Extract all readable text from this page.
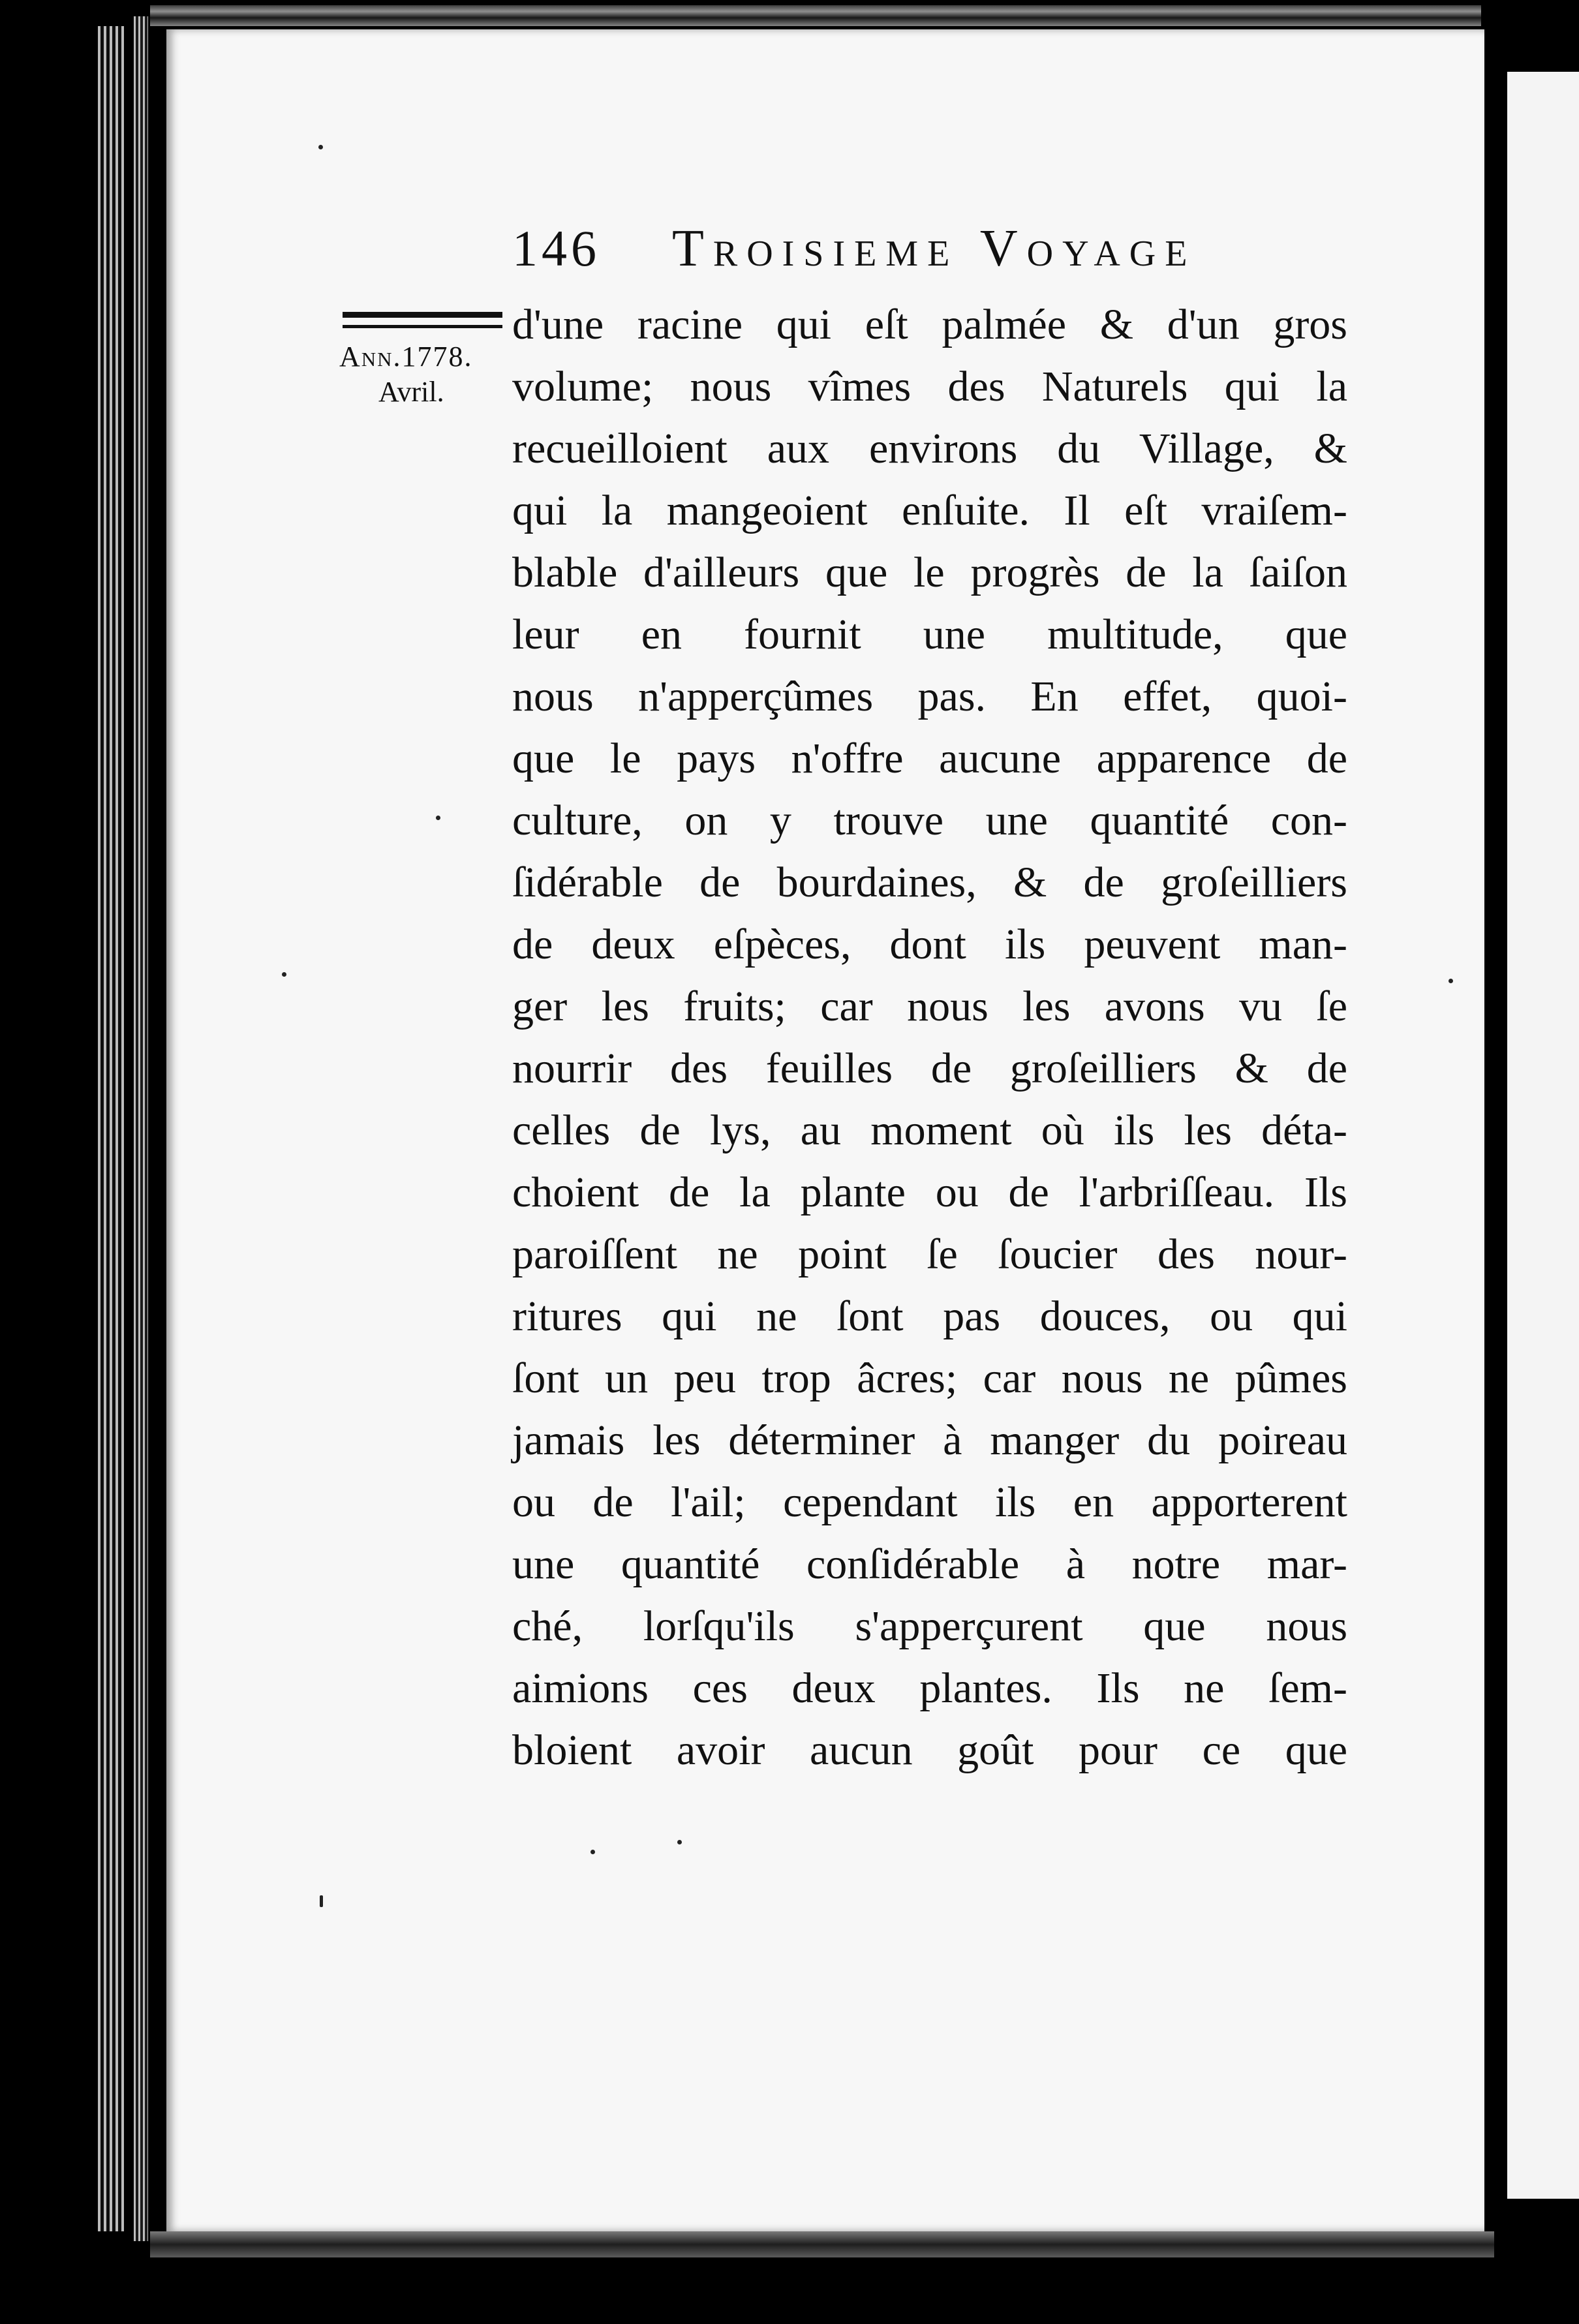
146 Troisieme Voyage
Ann.1778.
Avril.
d'une racine qui eſt palmée & d'un gros
volume; nous vîmes des Naturels qui la
recueilloient aux environs du Village, &
qui la mangeoient enſuite. Il eſt vraiſem-
blable d'ailleurs que le progrès de la ſaiſon
leur en fournit une multitude, que
nous n'apperçûmes pas. En effet, quoi-
que le pays n'offre aucune apparence de
culture, on y trouve une quantité con-
ſidérable de bourdaines, & de groſeilliers
de deux eſpèces, dont ils peuvent man-
ger les fruits; car nous les avons vu ſe
nourrir des feuilles de groſeilliers & de
celles de lys, au moment où ils les déta-
choient de la plante ou de l'arbriſſeau. Ils
paroiſſent ne point ſe ſoucier des nour-
ritures qui ne ſont pas douces, ou qui
ſont un peu trop âcres; car nous ne pûmes
jamais les déterminer à manger du poireau
ou de l'ail; cependant ils en apporterent
une quantité conſidérable à notre mar-
ché, lorſqu'ils s'apperçurent que nous
aimions ces deux plantes. Ils ne ſem-
bloient avoir aucun goût pour ce que
